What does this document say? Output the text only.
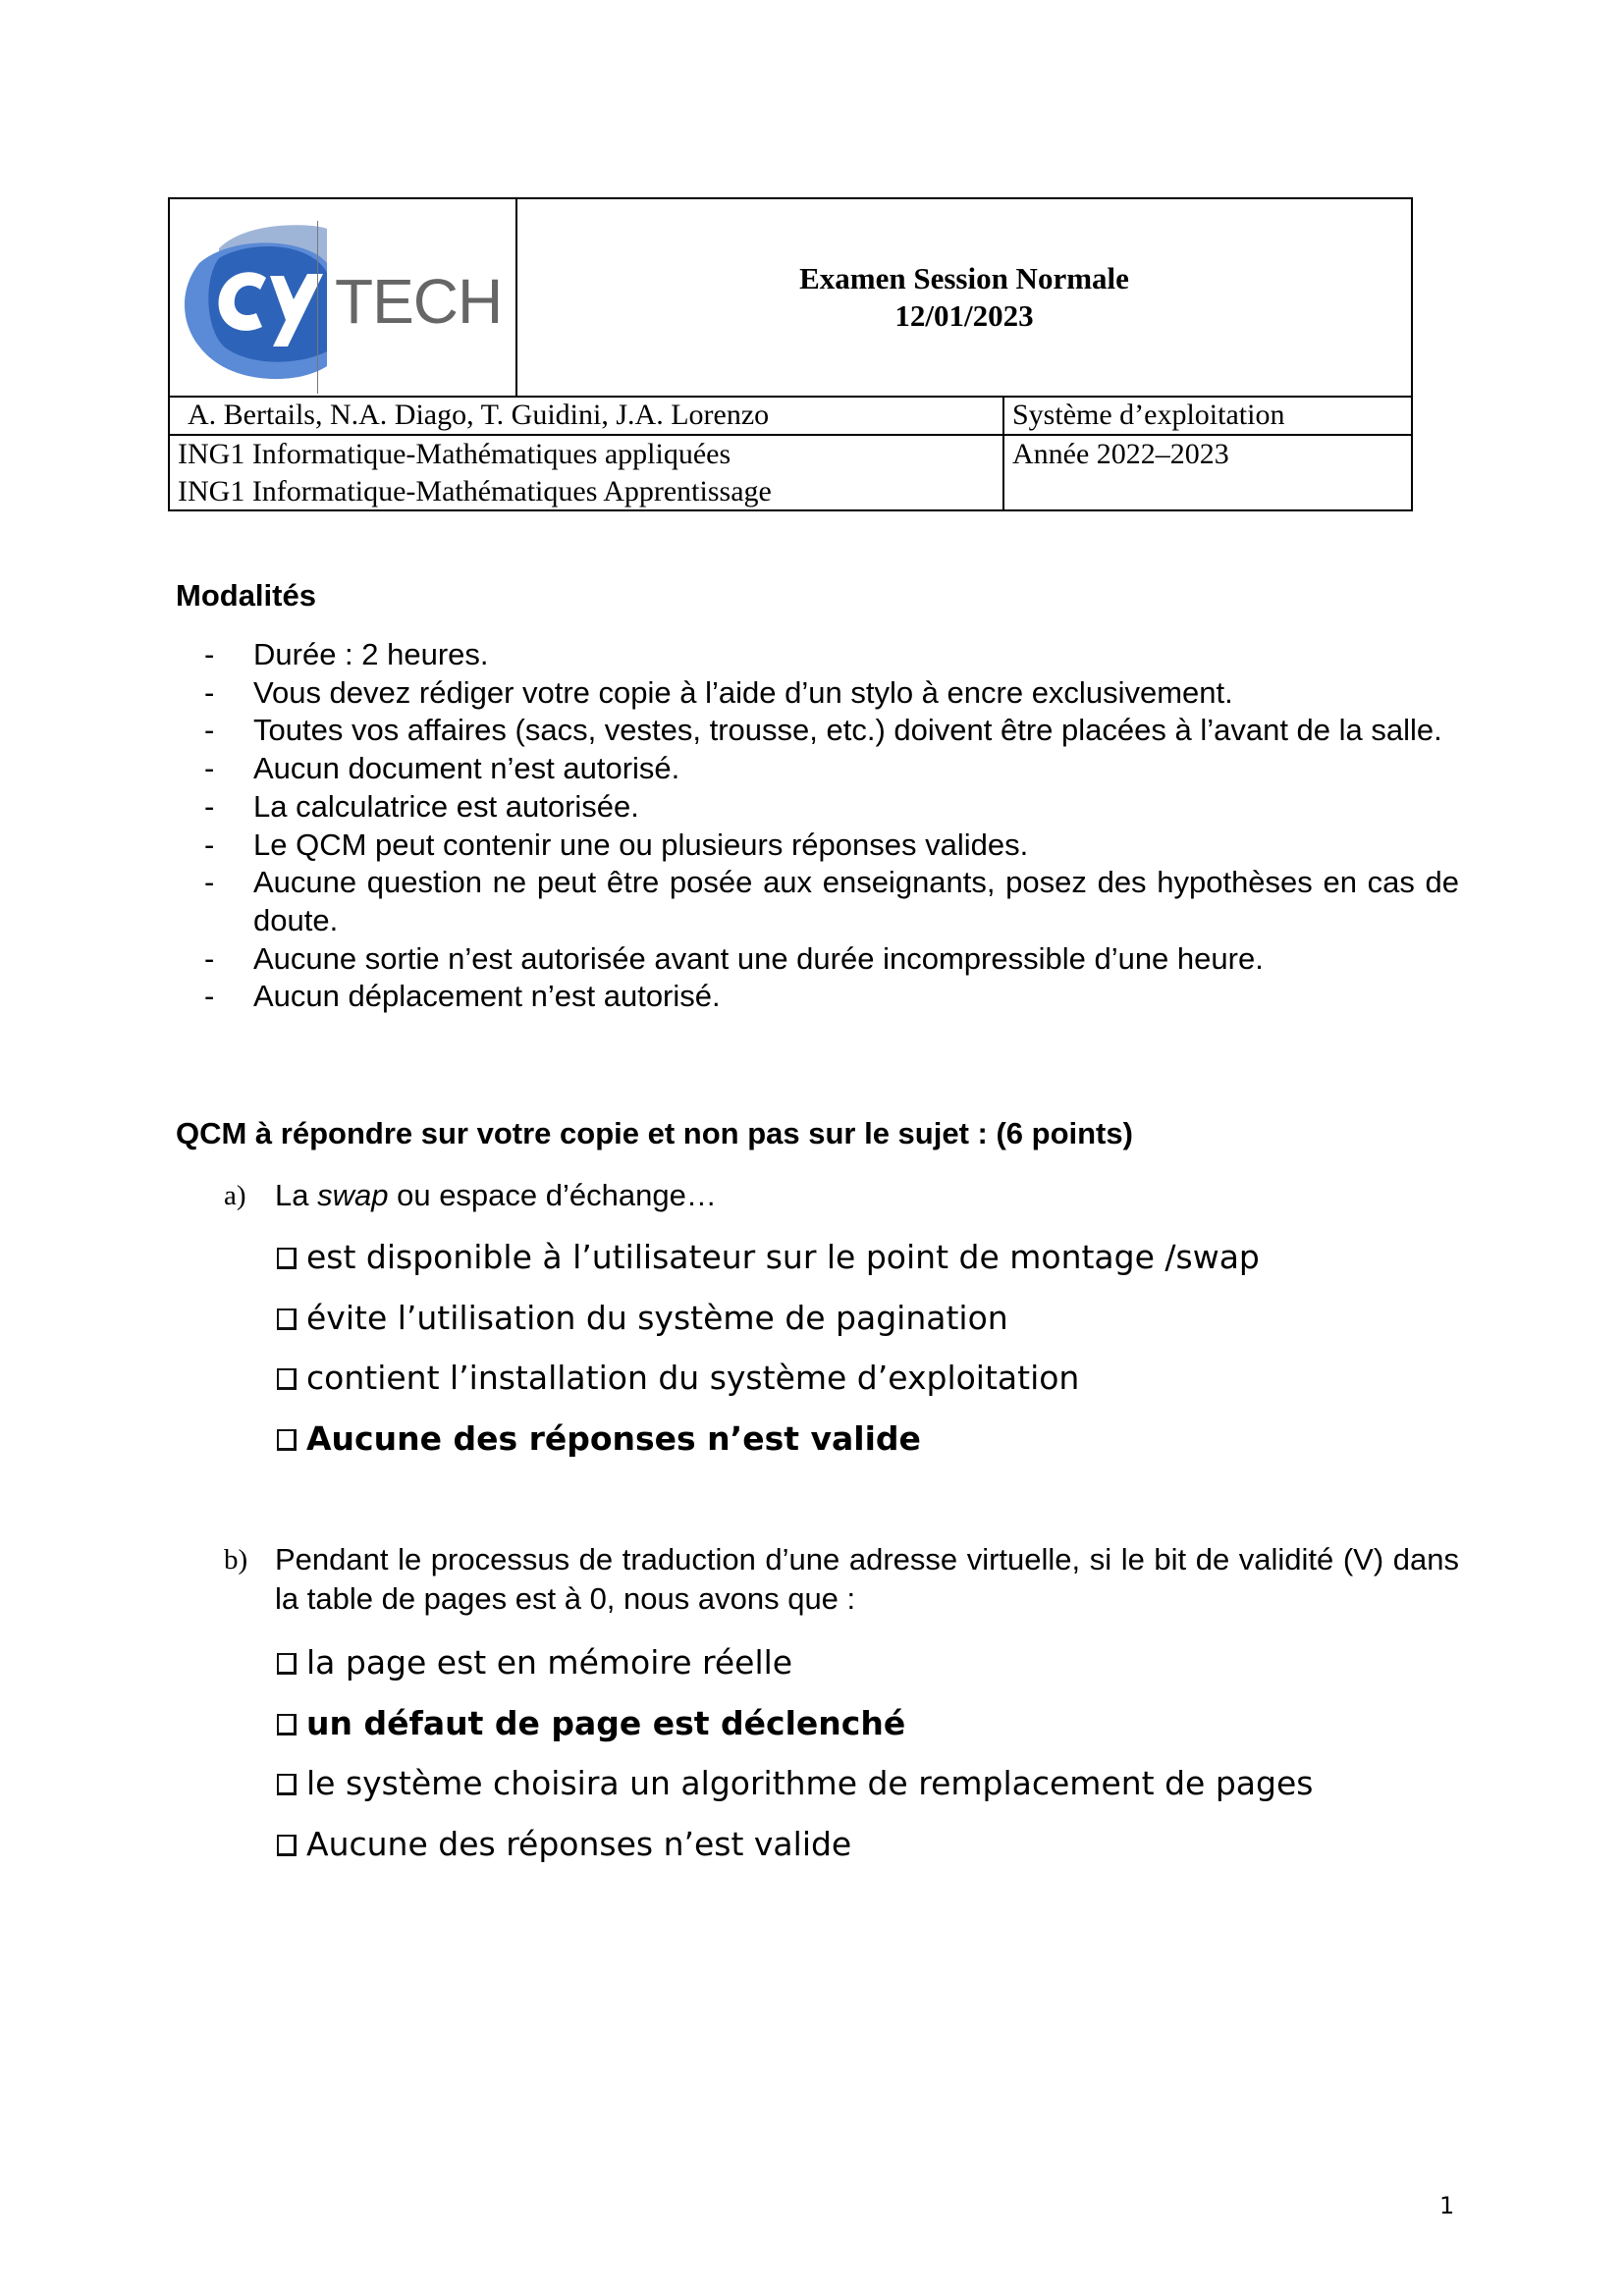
TECH	Examen Session Normale
12/01/2023
A. Bertails, N.A. Diago, T. Guidini, J.A. Lorenzo	Système d’exploitation
ING1 Informatique-Mathématiques appliquées
ING1 Informatique-Mathématiques Apprentissage
Année 2022–2023
Modalités
- Durée : 2 heures.
- Vous devez rédiger votre copie à l’aide d’un stylo à encre exclusivement.
- Toutes vos affaires (sacs, vestes, trousse, etc.) doivent être placées à l’avant de la salle.
- Aucun document n’est autorisé.
- La calculatrice est autorisée.
- Le QCM peut contenir une ou plusieurs réponses valides.
- Aucune question ne peut être posée aux enseignants, posez des hypothèses en cas de doute.
- Aucune sortie n’est autorisée avant une durée incompressible d’une heure.
- Aucun déplacement n’est autorisé.
QCM à répondre sur votre copie et non pas sur le sujet : (6 points)
a) La swap ou espace d’échange…
est disponible à l’utilisateur sur le point de montage /swap
évite l’utilisation du système de pagination
contient l’installation du système d’exploitation
Aucune des réponses n’est valide
b) Pendant le processus de traduction d’une adresse virtuelle, si le bit de validité (V) dans la table de pages est à 0, nous avons que :
la page est en mémoire réelle
un défaut de page est déclenché
le système choisira un algorithme de remplacement de pages
Aucune des réponses n’est valide
1
